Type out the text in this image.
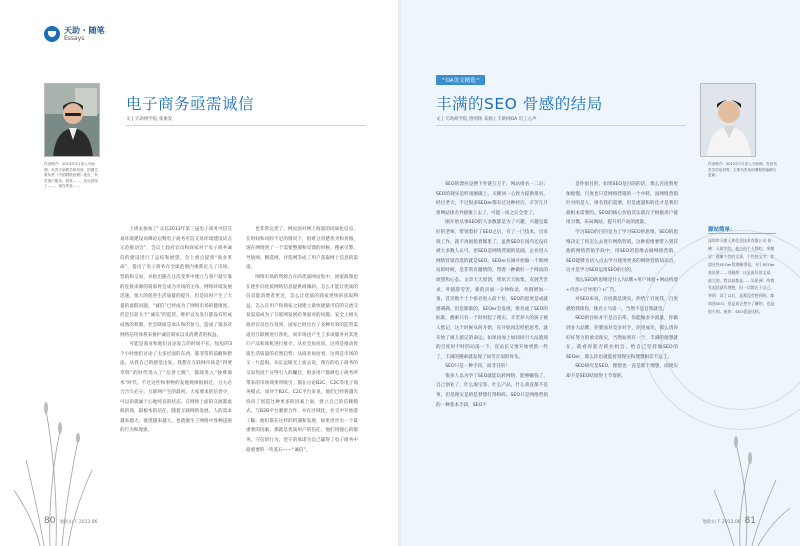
天助 · 随笔
Essays
作者简介：2013年3月加入天助网，负责天助教学和培训，拍摄主要负责《中国网络营销》报告，负责客户服务。曾获……，先后获得了……，现在热爱……
电子商务亟需诚信
文 | 天助网学院 张俊发

上周去参加了“众信2013年第三届电子商务可信交易环境建设高峰论坛暨电子商务可信交易环境建设试点示范推动会”，会议上政府官员和商家对于电子商务诚信的建设进行了总结和展望。会上重点提到“商业革命”，提出了电子商务在全球范围内重新定义了市场、营销和交易，并指出随在这次变革中建立与客户最牢靠的连接来源的商家将会成为市场的主角。网络环境发展迅速，很大的促进生活质量的提升，但是同时产生了大量的虚假问题，“诚信”已经成为了网络市场的健康度。但是目前关于“诚信”的监管、维护以及发行都没有形成成熟的机制，社会缺席是承认和的参与，造成了很多对网络信用体系来推护诚信商家以及消费者的权益。

可能是商业和他们讨论发言的时间不长，短短的3个小时他们讨论了太多层面的东西，都非常的前瞻和想法。从我自己的感觉出发，我想在互联网市场是“四要享特”的时代进入了“信誉七级”，都商进入“独尊商术”时代。不过这些和事物的发展规律很相过，分大必合合久必分。互联网产生的最初，大家要求的信誉少，可以说就属于心地纯良的状态，在网络上面的交流都虚拟的商，最根本的信任。随着互联网的发展，人的需求越来越大，欲望越来越大，也就催生了网络中各种违规的行为和现象。

也非常完善了，网民面对网上海量的同质化信息，在时间和风险不足的情况下，很难分清楚优劣和真假，现在网络到了一个需要整理和反馈的时候。搜索引擎、导航网、精选网、评选网等成了用户获取网上信息的渠道。

网络市场的资源合在尚优质网站集中，国家政策也在逐步向优质网络信息提供商倾斜。怎么才能让优质的信息能消费者更近，怎么让优质的商家更快的获取利益，怎么在用户和商家之间建立最快捷最可信的交流交易渠道成为了互联网发展必须面对的问题。安全上相关政府官员也在说到，国家已经出台了多种有效的监管渠道对互联网进行净化，而市场也产生了多项服务对其进行产品和商机进行推介。从社会角度说，这将是推动优质生活质量的必然趋势；从商业角度看，这将是市场的又一片蓝海。从长远眼光上面去说，现在的电子商务的交易热度十分得引人的瞩目，很多用户都被电子商务所带来的市场效果所吸引，都在讨论B2C、C2C等电子商务模式。而对于B2C、C2C平台来说，他们已经将越光投向了创造这种更多的因素上面，建立自己的信赖模式，与B2B平台紧密合作，并在区域化、社交中开始落了脚。他们都在这样的机遇和发展，如果进步出一个最重要的因素，那就是优质用户的信任，他们用强心的服务、守信的行为、坚守的承诺为自己赢得了电子商务中最重要的一块基石——“诚信”。

80 他助山下 2013.06
^OA美文精选^
丰满的SEO 骨感的结局
文 | 天助商学院 唐则铮 来源 | 天助网OA 员工心声
作者简介：2012年7月加入天助网，先后负责学员培训等，主要负责培训课程的编制与更新。

SEO的漂亮是摆下外链万万千，网站排名一二页；SEO的现实是昨夜刚做上。关键词一心致力提供排名，经过老大，不过很多SEOer都有过这种经历，辛苦几月将网站排名外链推上去了，可能一夜之后全变了。

刚开始从事SEO的人多数都是为了兴趣，兴趣是最好的老师，带领着好了SEO之后，有了一门技术，出来找工作，就不再困扰着哪里了。虽然SEO在国内还没有被大多数人认可，但SEO是网络营销的基础，企业进入网络营销首选的就是SEO。SEOer在刚开始做一个新网站的时候，是非常有激情的，带着一种做好一个网站的欲望和心态。文章天天原创，资讯天天收集，友链苦苦求，外链辞劳苦，新的页面一分钟收录，外链增加一条，首页数个十个排名进入前十位，SEO的思更是成就感满满。但是渐渐的，SEOer会发现，排名成了SEO的标准，搜索只有一个时时起了现实，辛苦养大的孩子被人惦记，这个时候从何开始，在开始再怎样把思考，就开始了被人惦记的命运。如果再加上如同同月大站就刻的百度时不时的动荡一下，连站长又要开始更新一些了，丰满的搜索就发现了如雪在似的骨头。

SEO只是一种手段，而非目的！

很多人以为学了SEO就能玩转网络，能够赚钱了，自己创业了，什么淘宝客，什么产品，什么垂直都不是事，但是现实是的是梦想打得粉碎。SEO只是网络营销的一种基本手段，SEO不

是件很目的，如果SEO是目的的话，那么百度将更加缓慢。百度也只是网络营销的一个中转，而网络营销针对的是人，排名我们需要，但是流量和转化才是我们最根本需要的。SEO的核心价值其实就在于根据用户使用习惯，布局网站，提升用户站的流量。

学习SEO的目的是为了学习SEO的思维，SEO的思维决定了你怎么去进行网络营销，这种思维要带入到其他的网络营销手段中，用SEO的思维去做网络营销，SEO能够为切入点去学习使用更多的网络营销知识点，这才是学习SEO运用SEO的目的。

那么SEO的思维是什么?品牌+用户体验+网站构架+内容+引导用户+广告。

对SEO来说，百度就是现实，你给了百度我，百度就给我排你，排名立马第一，当然不是自然就会。

SEO的目标并不是点击率，你能做多少流量，你做到多大品牌，你要面对竞争对手，你更成功，那么请你好好努力的承受现实，当然如果有一个，丰满的理想就在，就看你能否抓住机会，给自己坚持做SEO的SEOer，那么你也就能看到现实和理想相差不远了。

SEO研究是SEO，理想也一直是那个理想，而现实却不是SEO结果得上节奏的。

源站简单：
深圳市天助人和信息技术有限公司 陈佛：天助学院，他自由个人都吃。余德宝：感谢个性的文章，个性的文字，希望这些SEOer给理解得很，对于SEOer来说要……刘雅辉：这是最好的文章，最大的，我以前都是……吴景洲：所谓有起伏就有理想，但一切都在于自己。李明：读了以后，是我没有想到的。都知道SEO，但是真正想多了解的，也是很少的。祝伟：SEO就是这样。
他助山下 2013.06 81
